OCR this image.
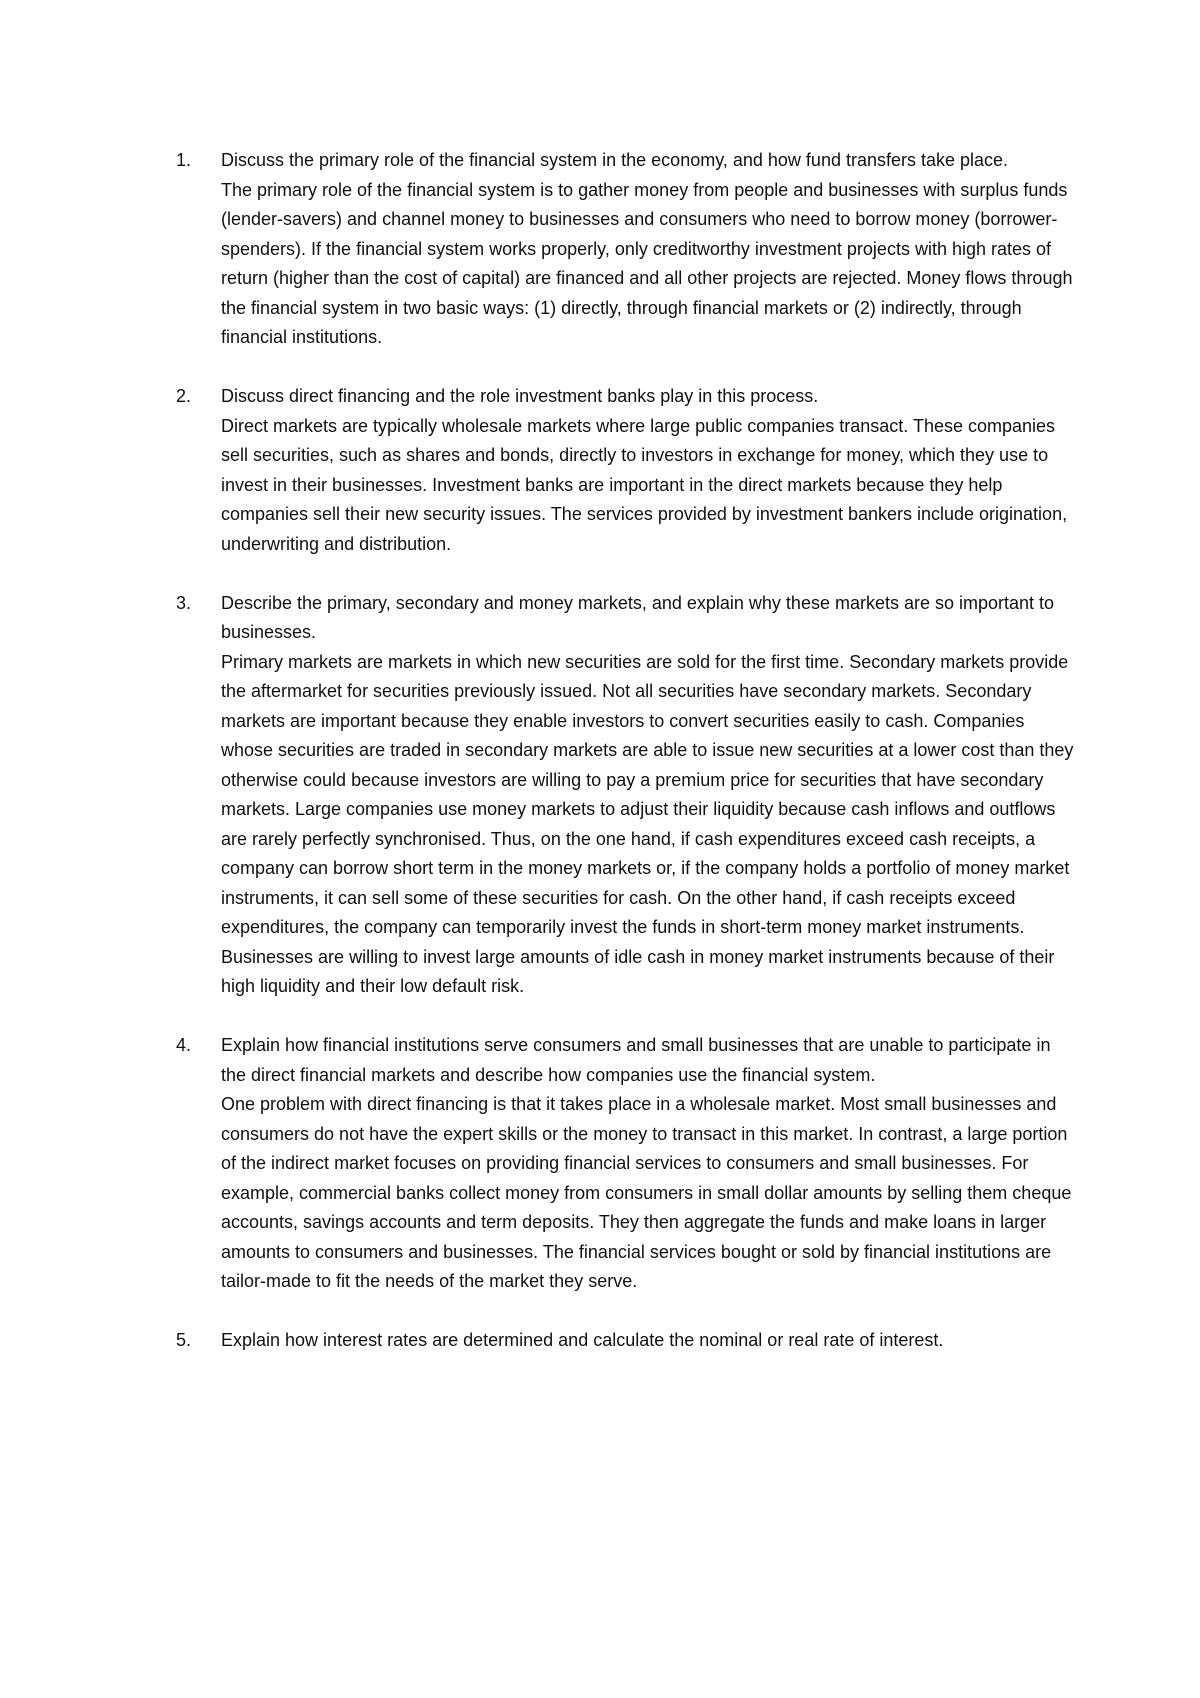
1.	Discuss the primary role of the financial system in the economy, and how fund transfers take place.
The primary role of the financial system is to gather money from people and businesses with surplus funds (lender-savers) and channel money to businesses and consumers who need to borrow money (borrower-spenders). If the financial system works properly, only creditworthy investment projects with high rates of return (higher than the cost of capital) are financed and all other projects are rejected. Money flows through the financial system in two basic ways: (1) directly, through financial markets or (2) indirectly, through financial institutions.
2.	Discuss direct financing and the role investment banks play in this process.
Direct markets are typically wholesale markets where large public companies transact. These companies sell securities, such as shares and bonds, directly to investors in exchange for money, which they use to invest in their businesses. Investment banks are important in the direct markets because they help companies sell their new security issues. The services provided by investment bankers include origination, underwriting and distribution.
3.	Describe the primary, secondary and money markets, and explain why these markets are so important to businesses.
Primary markets are markets in which new securities are sold for the first time. Secondary markets provide the aftermarket for securities previously issued. Not all securities have secondary markets. Secondary markets are important because they enable investors to convert securities easily to cash. Companies whose securities are traded in secondary markets are able to issue new securities at a lower cost than they otherwise could because investors are willing to pay a premium price for securities that have secondary markets. Large companies use money markets to adjust their liquidity because cash inflows and outflows are rarely perfectly synchronised. Thus, on the one hand, if cash expenditures exceed cash receipts, a company can borrow short term in the money markets or, if the company holds a portfolio of money market instruments, it can sell some of these securities for cash. On the other hand, if cash receipts exceed expenditures, the company can temporarily invest the funds in short-term money market instruments. Businesses are willing to invest large amounts of idle cash in money market instruments because of their high liquidity and their low default risk.
4.	Explain how financial institutions serve consumers and small businesses that are unable to participate in the direct financial markets and describe how companies use the financial system.
One problem with direct financing is that it takes place in a wholesale market. Most small businesses and consumers do not have the expert skills or the money to transact in this market. In contrast, a large portion of the indirect market focuses on providing financial services to consumers and small businesses. For example, commercial banks collect money from consumers in small dollar amounts by selling them cheque accounts, savings accounts and term deposits. They then aggregate the funds and make loans in larger amounts to consumers and businesses. The financial services bought or sold by financial institutions are tailor-made to fit the needs of the market they serve.
5.	Explain how interest rates are determined and calculate the nominal or real rate of interest.
